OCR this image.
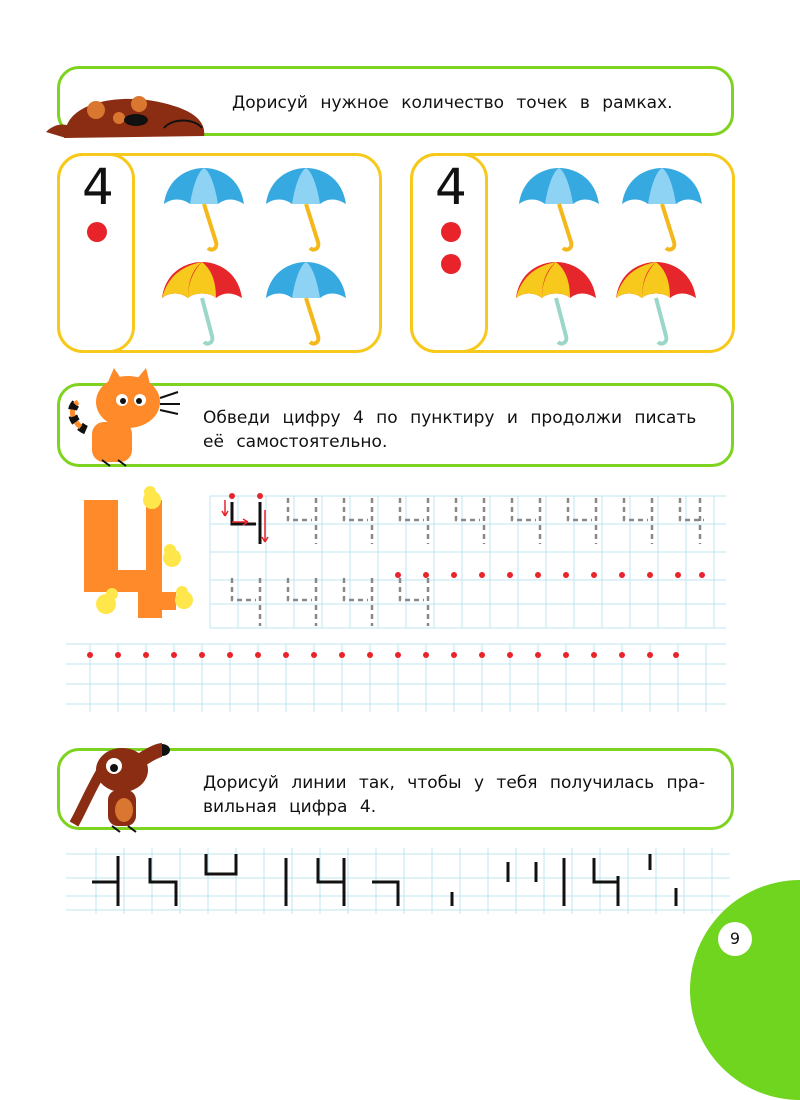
Дорисуй нужное количество точек в рамках.
4	4
Обведи цифру 4 по пунктиру и продолжи писать
её самостоятельно.
Дорисуй линии так, чтобы у тебя получилась пра-
вильная цифра 4.
9
